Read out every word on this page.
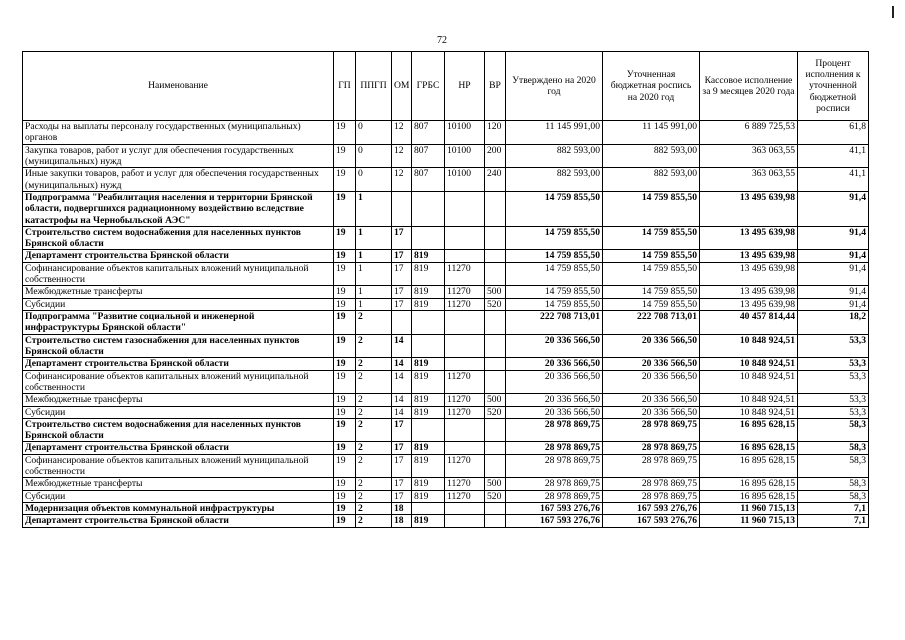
72
Наименование	ГП	ППГП	ОМ	ГРБС	НР	ВР	Утверждено на 2020 год	Уточненная бюджетная роспись на 2020 год	Кассовое исполнение за 9 месяцев 2020 года	Процент исполнения к уточненной бюджетной росписи
Расходы на выплаты персоналу государственных (муниципальных) органов	19	0	12	807	10100	120	11 145 991,00	11 145 991,00	6 889 725,53	61,8
Закупка товаров, работ и услуг для обеспечения государственных (муниципальных) нужд	19	0	12	807	10100	200	882 593,00	882 593,00	363 063,55	41,1
Иные закупки товаров, работ и услуг для обеспечения государственных (муниципальных) нужд	19	0	12	807	10100	240	882 593,00	882 593,00	363 063,55	41,1
Подпрограмма "Реабилитация населения и территории Брянской области, подвергшихся радиационному воздействию вследствие катастрофы на Чернобыльской АЭС"	19	1					14 759 855,50	14 759 855,50	13 495 639,98	91,4
Строительство систем водоснабжения для населенных пунктов Брянской области	19	1	17				14 759 855,50	14 759 855,50	13 495 639,98	91,4
Департамент строительства Брянской области	19	1	17	819			14 759 855,50	14 759 855,50	13 495 639,98	91,4
Софинансирование объектов капитальных вложений муниципальной собственности	19	1	17	819	11270		14 759 855,50	14 759 855,50	13 495 639,98	91,4
Межбюджетные трансферты	19	1	17	819	11270	500	14 759 855,50	14 759 855,50	13 495 639,98	91,4
Субсидии	19	1	17	819	11270	520	14 759 855,50	14 759 855,50	13 495 639,98	91,4
Подпрограмма "Развитие социальной и инженерной инфраструктуры Брянской области"	19	2					222 708 713,01	222 708 713,01	40 457 814,44	18,2
Строительство систем газоснабжения для населенных пунктов Брянской области	19	2	14				20 336 566,50	20 336 566,50	10 848 924,51	53,3
Департамент строительства Брянской области	19	2	14	819			20 336 566,50	20 336 566,50	10 848 924,51	53,3
Софинансирование объектов капитальных вложений муниципальной собственности	19	2	14	819	11270		20 336 566,50	20 336 566,50	10 848 924,51	53,3
Межбюджетные трансферты	19	2	14	819	11270	500	20 336 566,50	20 336 566,50	10 848 924,51	53,3
Субсидии	19	2	14	819	11270	520	20 336 566,50	20 336 566,50	10 848 924,51	53,3
Строительство систем водоснабжения для населенных пунктов Брянской области	19	2	17				28 978 869,75	28 978 869,75	16 895 628,15	58,3
Департамент строительства Брянской области	19	2	17	819			28 978 869,75	28 978 869,75	16 895 628,15	58,3
Софинансирование объектов капитальных вложений муниципальной собственности	19	2	17	819	11270		28 978 869,75	28 978 869,75	16 895 628,15	58,3
Межбюджетные трансферты	19	2	17	819	11270	500	28 978 869,75	28 978 869,75	16 895 628,15	58,3
Субсидии	19	2	17	819	11270	520	28 978 869,75	28 978 869,75	16 895 628,15	58,3
Модернизация объектов коммунальной инфраструктуры	19	2	18				167 593 276,76	167 593 276,76	11 960 715,13	7,1
Департамент строительства Брянской области	19	2	18	819			167 593 276,76	167 593 276,76	11 960 715,13	7,1
